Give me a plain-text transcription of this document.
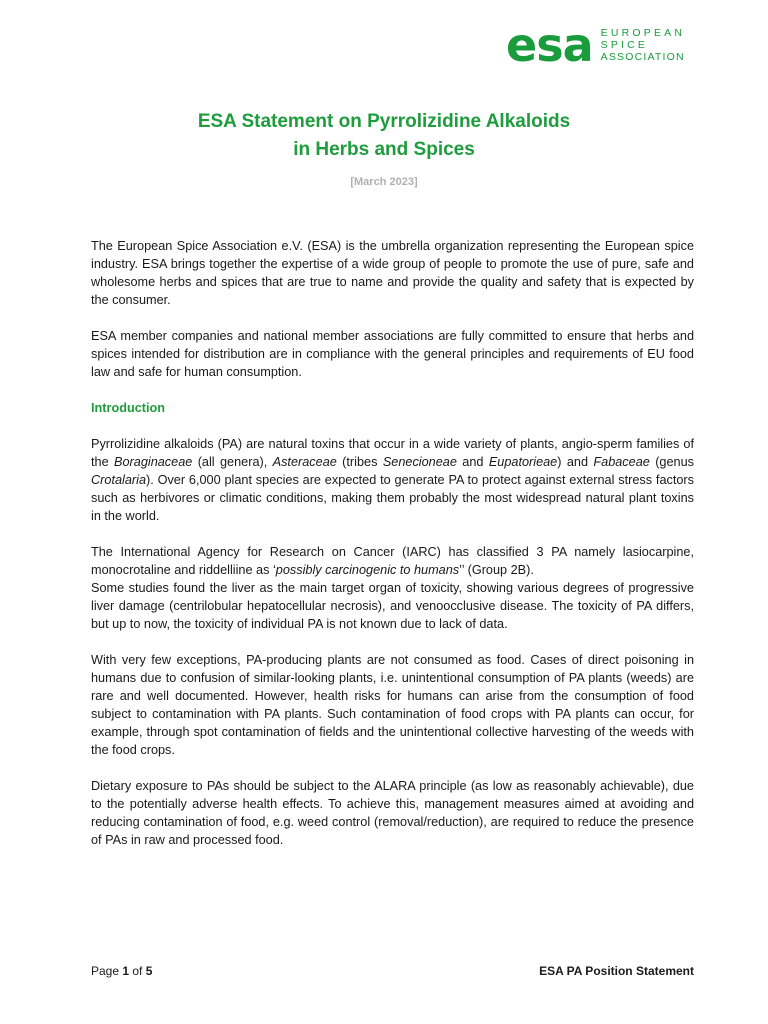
esa EUROPEAN
SPICE
ASSOCIATION
ESA Statement on Pyrrolizidine Alkaloids
in Herbs and Spices
[March 2023]

The European Spice Association e.V. (ESA) is the umbrella organization representing the European spice industry. ESA brings together the expertise of a wide group of people to promote the use of pure, safe and wholesome herbs and spices that are true to name and provide the quality and safety that is expected by the consumer.

ESA member companies and national member associations are fully committed to ensure that herbs and spices intended for distribution are in compliance with the general principles and requirements of EU food law and safe for human consumption.

Introduction

Pyrrolizidine alkaloids (PA) are natural toxins that occur in a wide variety of plants, angio-sperm families of the Boraginaceae (all genera), Asteraceae (tribes Senecioneae and Eupatorieae) and Fabaceae (genus Crotalaria). Over 6,000 plant species are expected to generate PA to protect against external stress factors such as herbivores or climatic conditions, making them probably the most widespread natural plant toxins in the world.

The International Agency for Research on Cancer (IARC) has classified 3 PA namely lasiocarpine, monocrotaline and riddelliine as ‘possibly carcinogenic to humans’’ (Group 2B).

Some studies found the liver as the main target organ of toxicity, showing various degrees of progressive liver damage (centrilobular hepatocellular necrosis), and venoocclusive disease. The toxicity of PA differs, but up to now, the toxicity of individual PA is not known due to lack of data.

With very few exceptions, PA-producing plants are not consumed as food. Cases of direct poisoning in humans due to confusion of similar-looking plants, i.e. unintentional consumption of PA plants (weeds) are rare and well documented. However, health risks for humans can arise from the consumption of food subject to contamination with PA plants. Such contamination of food crops with PA plants can occur, for example, through spot contamination of fields and the unintentional collective harvesting of the weeds with the food crops.

Dietary exposure to PAs should be subject to the ALARA principle (as low as reasonably achievable), due to the potentially adverse health effects. To achieve this, management measures aimed at avoiding and reducing contamination of food, e.g. weed control (removal/reduction), are required to reduce the presence of PAs in raw and processed food.

Page 1 of 5	ESA PA Position Statement
